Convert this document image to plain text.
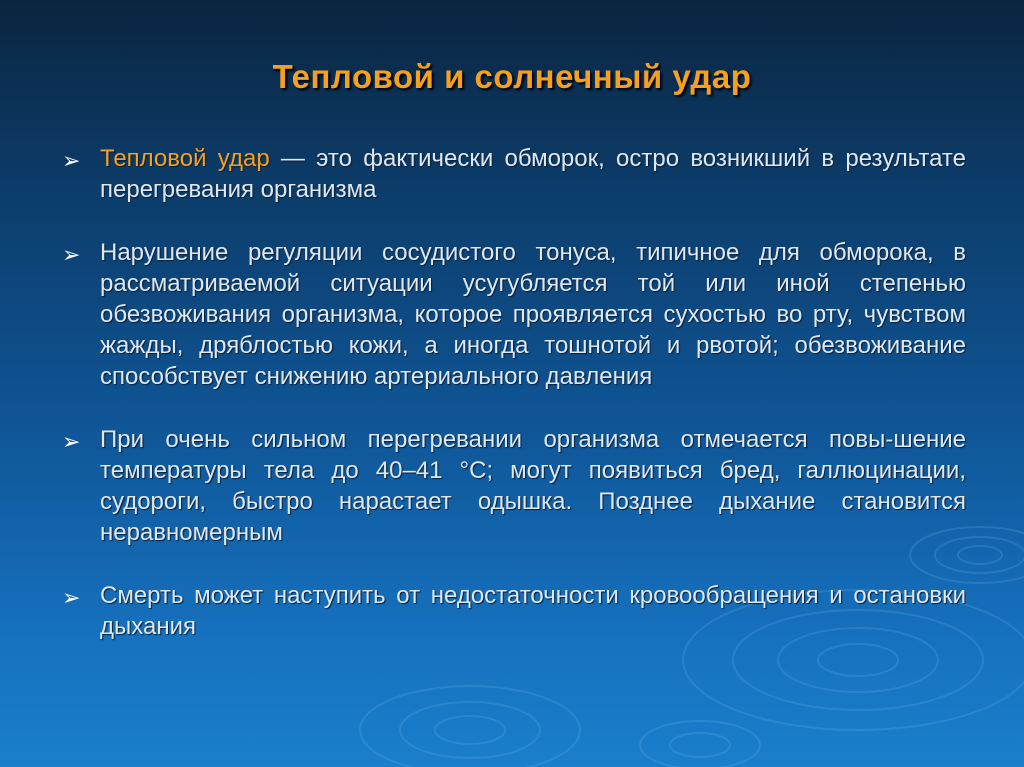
Тепловой и солнечный удар
➢ Тепловой удар — это фактически обморок, остро возникший в результате перегревания организма
➢ Нарушение регуляции сосудистого тонуса, типичное для обморока, в рассматриваемой ситуации усугубляется той или иной степенью обезвоживания организма, которое проявляется сухостью во рту, чувством жажды, дряблостью кожи, а иногда тошнотой и рвотой; обезвоживание способствует снижению артериального давления
➢ При очень сильном перегревании организма отмечается повы-шение температуры тела до 40–41 °С; могут появиться бред, галлюцинации, судороги, быстро нарастает одышка. Позднее дыхание становится неравномерным
➢ Смерть может наступить от недостаточности кровообращения и остановки дыхания
